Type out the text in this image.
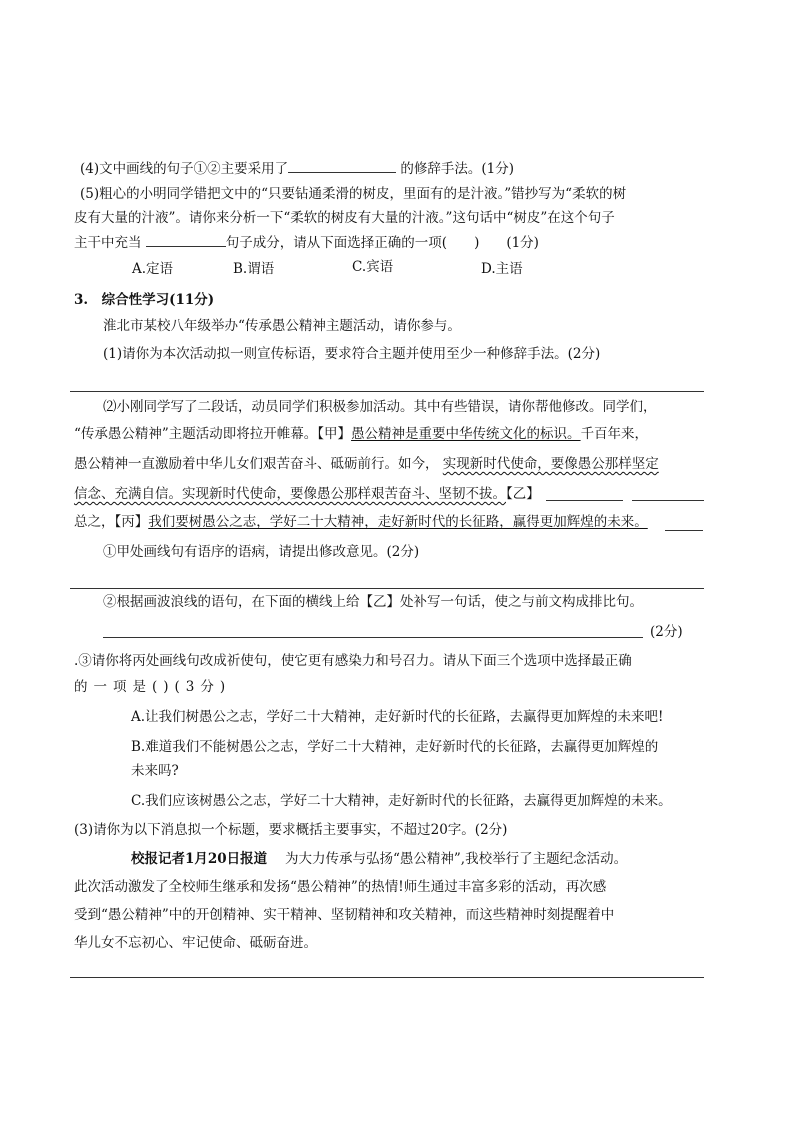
(4)文中画线的句子①②主要采用了	的修辞手法。(1分)
(5)粗心的小明同学错把文中的“只要钻通柔滑的树皮，里面有的是汁液。”错抄写为“柔软的树
皮有大量的汁液”。请你来分析一下“柔软的树皮有大量的汁液。”这句话中“树皮”在这个句子
主干中充当	句子成分，请从下面选择正确的一项(　　)　　(1分)
A.定语	B.谓语	C.宾语	D.主语
3.　综合性学习(11分)
淮北市某校八年级举办“传承愚公精神主题活动，请你参与。
(1)请你为本次活动拟一则宣传标语，要求符合主题并使用至少一种修辞手法。(2分)
⑵小刚同学写了二段话，动员同学们积极参加活动。其中有些错误，请你帮他修改。同学们，
“传承愚公精神”主题活动即将拉开帷幕。【甲】愚公精神是重要中华传统文化的标识。千百年来，
愚公精神一直激励着中华儿女们艰苦奋斗、砥砺前行。如今， 实现新时代使命，要像愚公那样坚定
信念、充满自信。实现新时代使命，要像愚公那样艰苦奋斗、坚韧不拔。【乙】
总之，【丙】我们要树愚公之志，学好二十大精神，走好新时代的长征路，赢得更加辉煌的未来。
①甲处画线句有语序的语病，请提出修改意见。(2分)
②根据画波浪线的语句，在下面的横线上给【乙】处补写一句话，使之与前文构成排比句。
(2分)
.③请你将丙处画线句改成祈使句，使它更有感染力和号召力。请从下面三个选项中选择最正确
的一项是()(3分)
A.让我们树愚公之志，学好二十大精神，走好新时代的长征路，去赢得更加辉煌的未来吧!
B.难道我们不能树愚公之志，学好二十大精神，走好新时代的长征路，去赢得更加辉煌的
未来吗?
C.我们应该树愚公之志，学好二十大精神，走好新时代的长征路，去赢得更加辉煌的未来。
(3)请你为以下消息拟一个标题，要求概括主要事实，不超过20字。(2分)
校报记者1月20日报道　 为大力传承与弘扬“愚公精神”,我校举行了主题纪念活动。
此次活动激发了全校师生继承和发扬“愚公精神”的热情!师生通过丰富多彩的活动，再次感
受到“愚公精神”中的开创精神、实干精神、坚韧精神和攻关精神，而这些精神时刻提醒着中
华儿女不忘初心、牢记使命、砥砺奋进。
